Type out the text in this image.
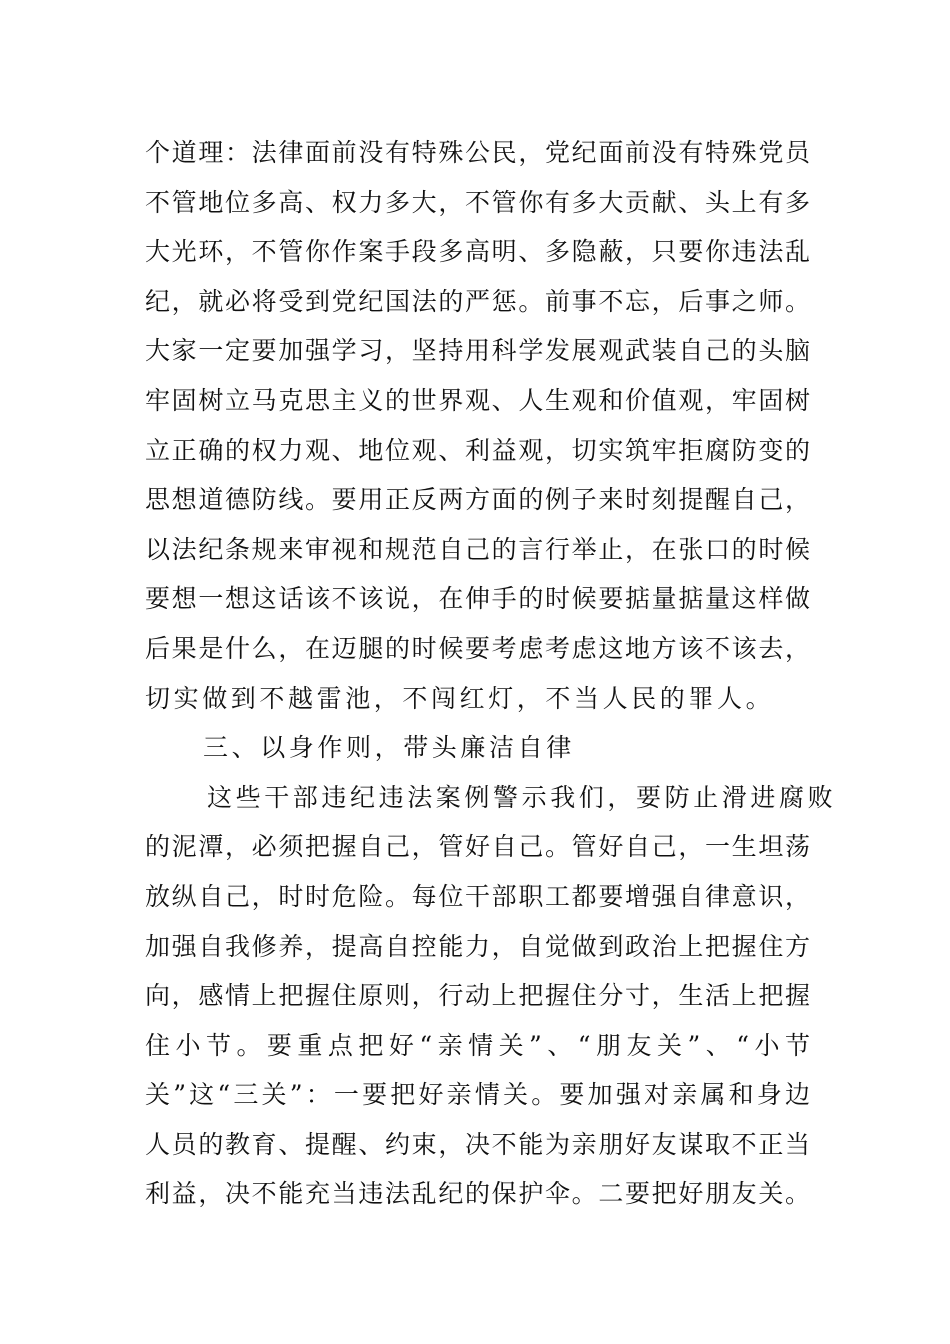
个道理：法律面前没有特殊公民，党纪面前没有特殊党员
不管地位多高、权力多大，不管你有多大贡献、头上有多
大光环，不管你作案手段多高明、多隐蔽，只要你违法乱
纪，就必将受到党纪国法的严惩。前事不忘，后事之师。
大家一定要加强学习，坚持用科学发展观武装自己的头脑
牢固树立马克思主义的世界观、人生观和价值观，牢固树
立正确的权力观、地位观、利益观，切实筑牢拒腐防变的
思想道德防线。要用正反两方面的例子来时刻提醒自己，
以法纪条规来审视和规范自己的言行举止，在张口的时候
要想一想这话该不该说，在伸手的时候要掂量掂量这样做
后果是什么，在迈腿的时候要考虑考虑这地方该不该去，
切实做到不越雷池，不闯红灯，不当人民的罪人。
三、以身作则，带头廉洁自律
这些干部违纪违法案例警示我们，要防止滑进腐败
的泥潭，必须把握自己，管好自己。管好自己，一生坦荡
放纵自己，时时危险。每位干部职工都要增强自律意识，
加强自我修养，提高自控能力，自觉做到政治上把握住方
向，感情上把握住原则，行动上把握住分寸，生活上把握
住小节。要重点把好“亲情关”、“朋友关”、“小节
关”这“三关”：一要把好亲情关。要加强对亲属和身边
人员的教育、提醒、约束，决不能为亲朋好友谋取不正当
利益，决不能充当违法乱纪的保护伞。二要把好朋友关。
